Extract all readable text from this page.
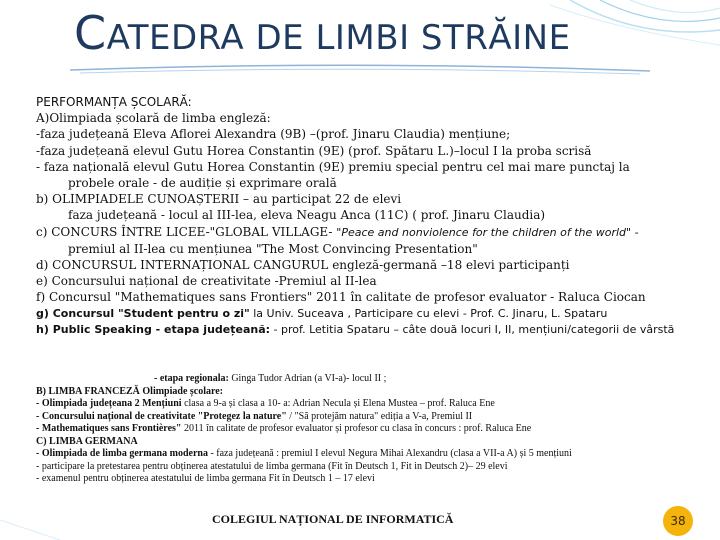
CATEDRA DE LIMBI STRĂINE
PERFORMANȚA ȘCOLARĂ:
A)Olimpiada școlară de limba engleză:
-faza județeană Eleva Aflorei Alexandra (9B) –(prof. Jinaru Claudia) mențiune;
-faza județeană elevul Gutu Horea Constantin (9E) (prof. Spătaru L.)–locul I la proba scrisă
- faza națională elevul Gutu Horea Constantin (9E) premiu special pentru cel mai mare punctaj la
probele orale - de audiție și exprimare orală
b) OLIMPIADELE CUNOAȘTERII – au participat 22 de elevi
faza județeană - locul al III-lea, eleva Neagu Anca (11C) ( prof. Jinaru Claudia)
c) CONCURS ÎNTRE LICEE-"GLOBAL VILLAGE- "Peace and nonviolence for the children of the world" -
premiul al II-lea cu mențiunea "The Most Convincing Presentation"
d) CONCURSUL INTERNAȚIONAL CANGURUL engleză-germană –18 elevi participanți
e) Concursului național de creativitate -Premiul al II-lea
f) Concursul "Mathematiques sans Frontiers" 2011 în calitate de profesor evaluator - Raluca Ciocan
g) Concursul "Student pentru o zi" la Univ. Suceava , Participare cu elevi - Prof. C. Jinaru, L. Spataru
h) Public Speaking - etapa județeană: - prof. Letitia Spataru – câte două locuri I, II, mențiuni/categorii de vârstă
- etapa regionala: Ginga Tudor Adrian (a VI-a)- locul II ;
B) LIMBA FRANCEZĂ Olimpiade școlare:
- Olimpiada județeana 2 Mențiuni clasa a 9-a și clasa a 10- a: Adrian Necula și Elena Mustea – prof. Raluca Ene
- Concursului național de creativitate "Protegez la nature" / "Să protejăm natura" ediția a V-a, Premiul II
- Mathematiques sans Frontières" 2011 în calitate de profesor evaluator și profesor cu clasa în concurs : prof. Raluca Ene
C) LIMBA GERMANA
- Olimpiada de limba germana moderna - faza județeană : premiul I elevul Negura Mihai Alexandru (clasa a VII-a A) și 5 mențiuni
- participare la pretestarea pentru obținerea atestatului de limba germana (Fit în Deutsch 1, Fit in Deutsch 2)– 29 elevi
- examenul pentru obținerea atestatului de limba germana Fit în Deutsch 1 – 17 elevi
COLEGIUL NAȚIONAL DE INFORMATICĂ	38
